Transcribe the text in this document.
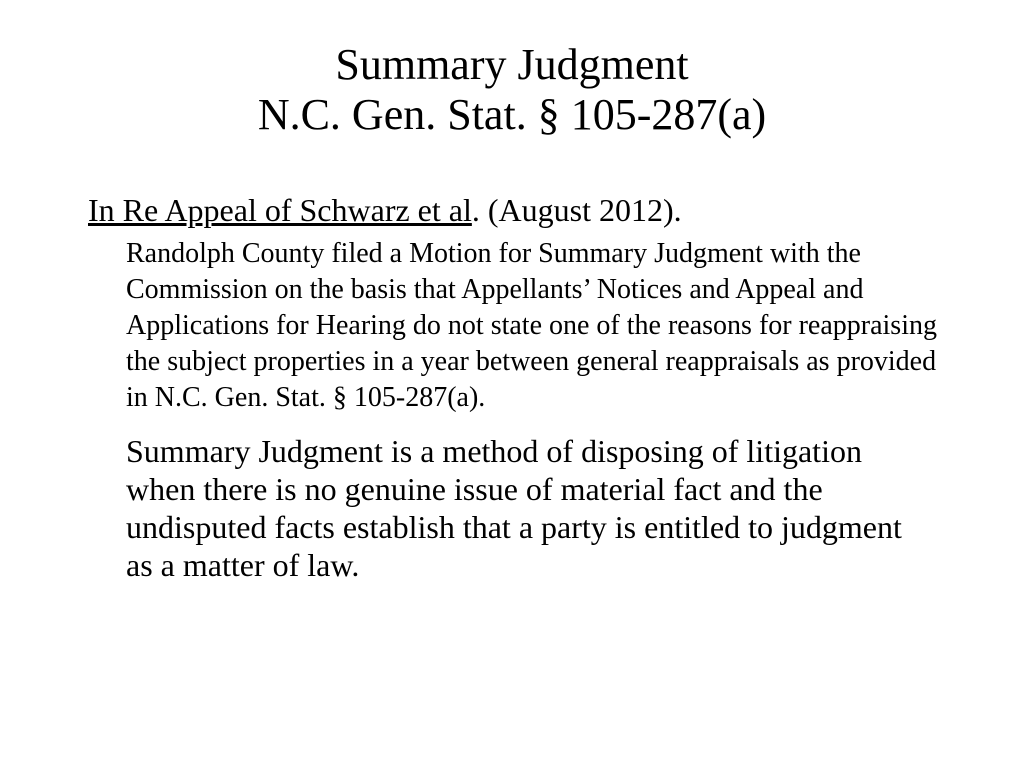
Summary Judgment
N.C. Gen. Stat. § 105-287(a)
In Re Appeal of Schwarz et al. (August 2012).

Randolph County filed a Motion for Summary Judgment with the Commission on the basis that Appellants’ Notices and Appeal and Applications for Hearing do not state one of the reasons for reappraising the subject properties in a year between general reappraisals as provided in N.C. Gen. Stat. § 105-287(a).

Summary Judgment is a method of disposing of litigation when there is no genuine issue of material fact and the undisputed facts establish that a party is entitled to judgment as a matter of law.
